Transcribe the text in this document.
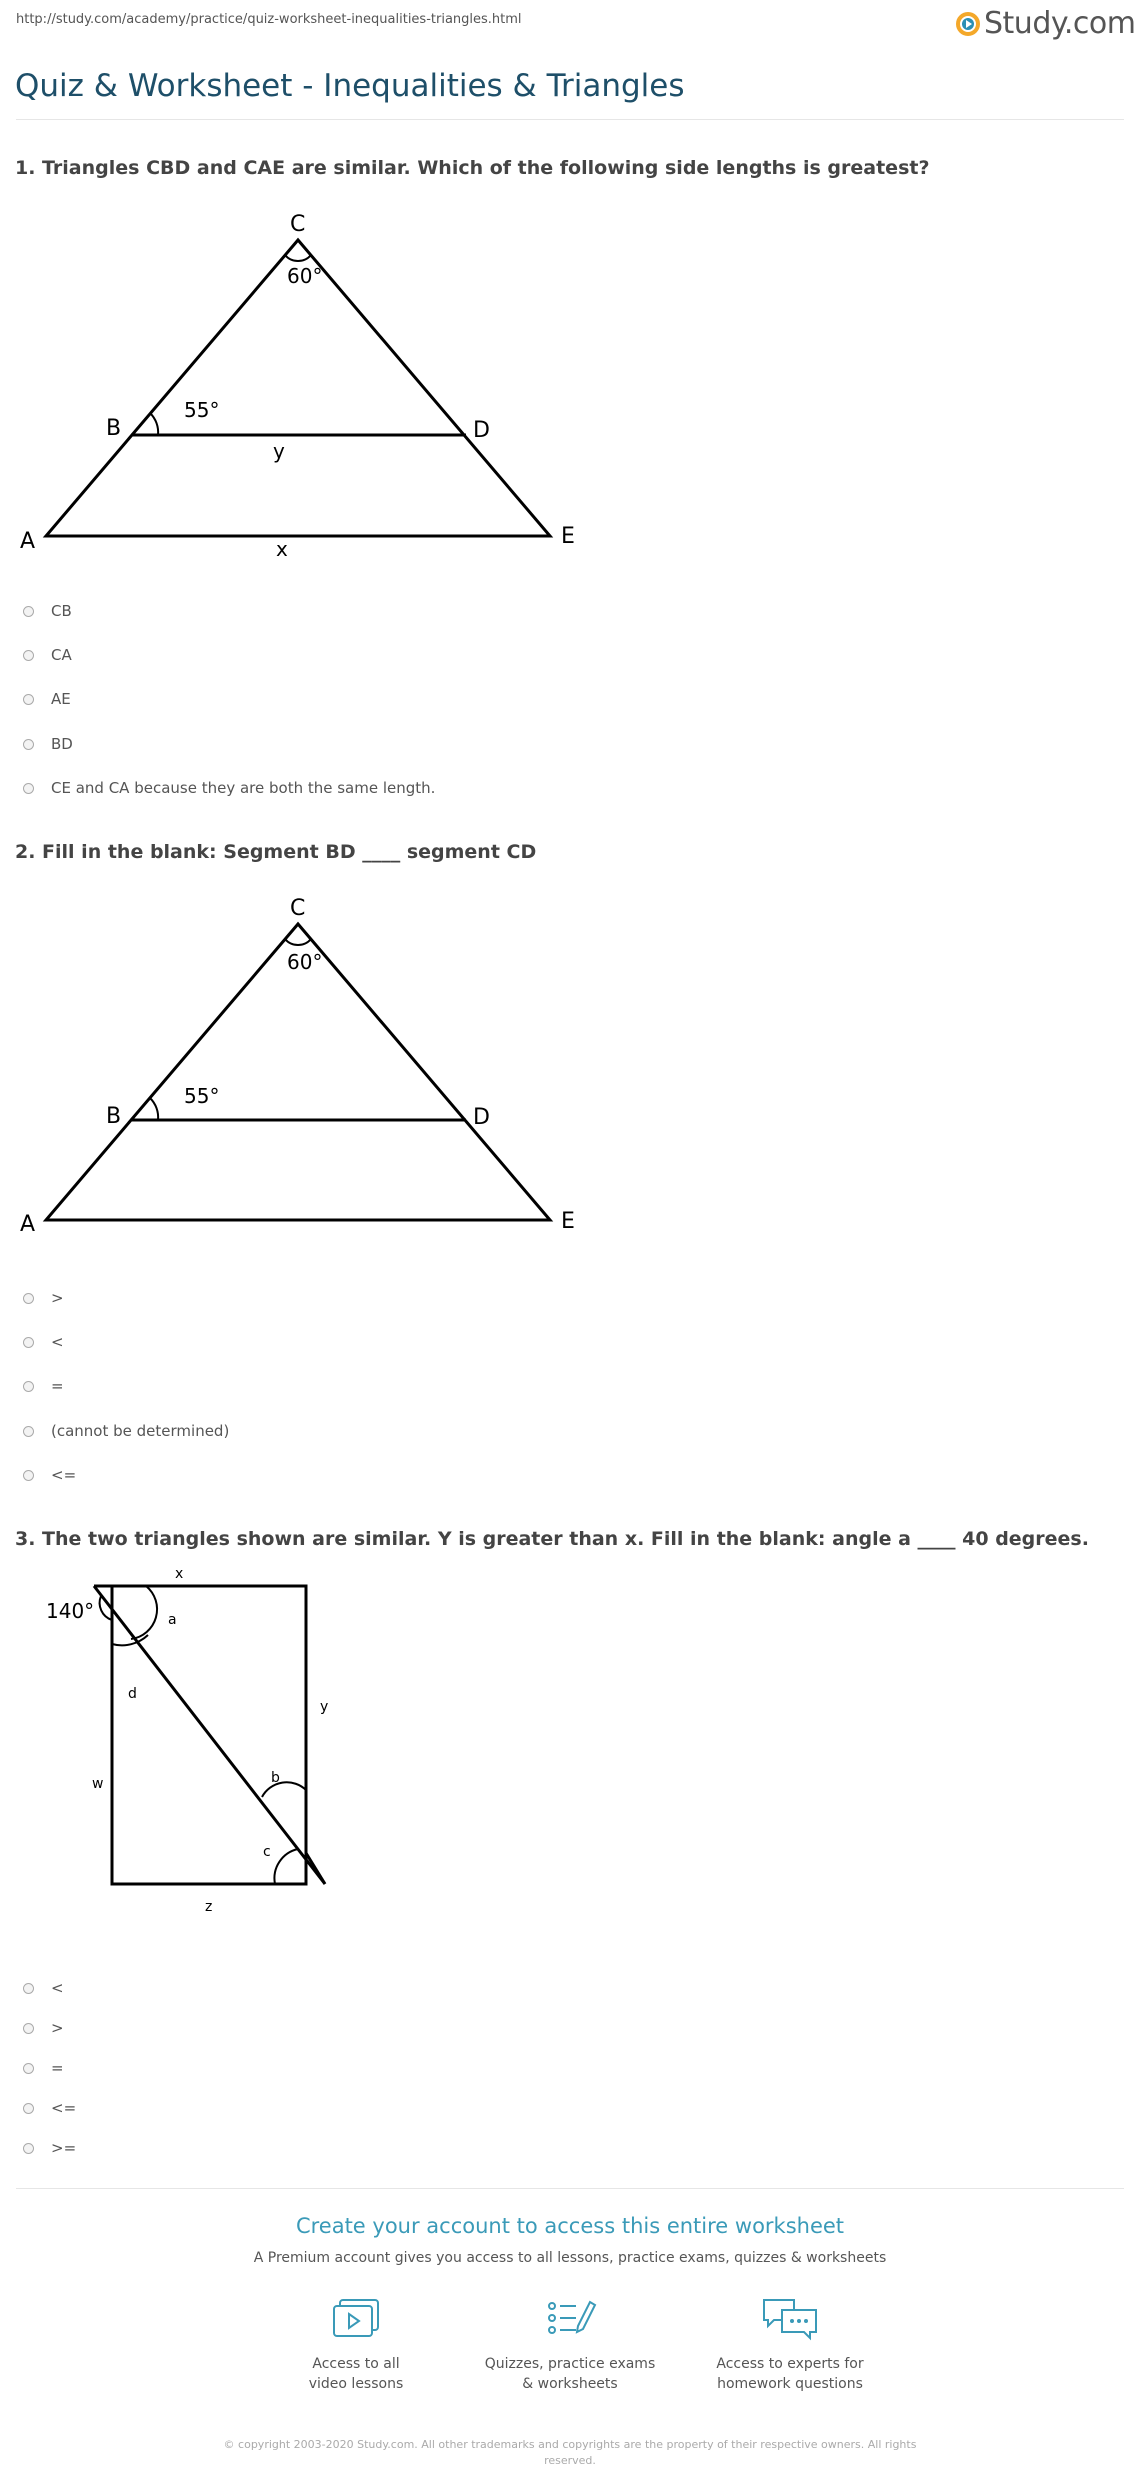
http://study.com/academy/practice/quiz-worksheet-inequalities-triangles.html	Study.com
Quiz & Worksheet - Inequalities & Triangles
1. Triangles CBD and CAE are similar. Which of the following side lengths is greatest?
C
60°
B
55°
D
y
A	E
x
CB
CA
AE
BD
CE and CA because they are both the same length.
2. Fill in the blank: Segment BD ____ segment CD
C
60°
B
55°
D
A	E
>
<
=
(cannot be determined)
<=
3. The two triangles shown are similar. Y is greater than x. Fill in the blank: angle a ____ 40 degrees.
140°
x
a
d
y
w	b
c
z
<
>
=
<=
>=
Create your account to access this entire worksheet
A Premium account gives you access to all lessons, practice exams, quizzes & worksheets
Access to all
video lessons
Quizzes, practice exams
& worksheets
Access to experts for
homework questions
© copyright 2003-2020 Study.com. All other trademarks and copyrights are the property of their respective owners. All rights reserved.
